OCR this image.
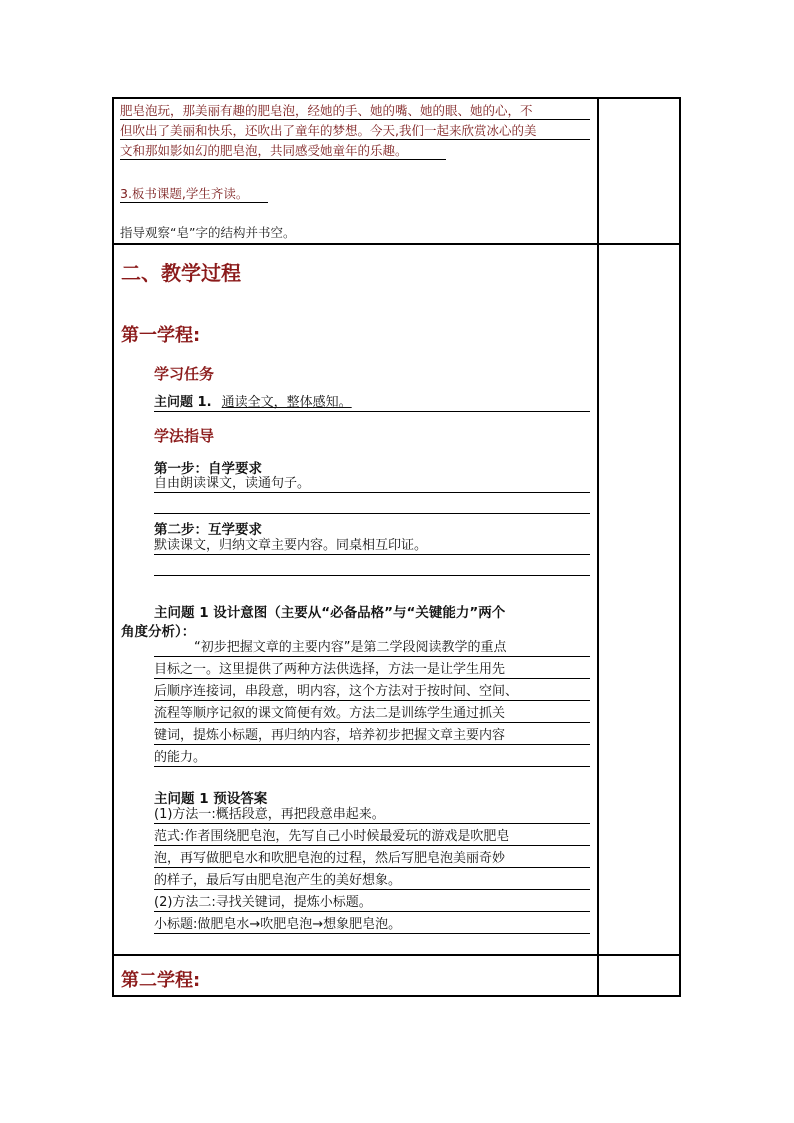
肥皂泡玩，那美丽有趣的肥皂泡，经她的手、她的嘴、她的眼、她的心，不
但吹出了美丽和快乐，还吹出了童年的梦想。今天,我们一起来欣赏冰心的美
文和那如影如幻的肥皂泡，共同感受她童年的乐趣。
3.板书课题,学生齐读。
指导观察“皂”字的结构并书空。
二、教学过程
第一学程:
学习任务
主问题 1. 通读全文，整体感知。
学法指导
第一步：自学要求
自由朗读课文，读通句子。
第二步：互学要求
默读课文，归纳文章主要内容。同桌相互印证。
主问题 1 设计意图（主要从“必备品格”与“关键能力”两个
角度分析）：
“初步把握文章的主要内容”是第二学段阅读教学的重点
目标之一。这里提供了两种方法供选择，方法一是让学生用先
后顺序连接词，串段意，明内容，这个方法对于按时间、空间、
流程等顺序记叙的课文简便有效。方法二是训练学生通过抓关
键词，提炼小标题，再归纳内容，培养初步把握文章主要内容
的能力。
主问题 1 预设答案
(1)方法一:概括段意，再把段意串起来。
范式:作者围绕肥皂泡，先写自己小时候最爱玩的游戏是吹肥皂
泡，再写做肥皂水和吹肥皂泡的过程，然后写肥皂泡美丽奇妙
的样子，最后写由肥皂泡产生的美好想象。
(2)方法二:寻找关键词，提炼小标题。
小标题:做肥皂水→吹肥皂泡→想象肥皂泡。
第二学程:
